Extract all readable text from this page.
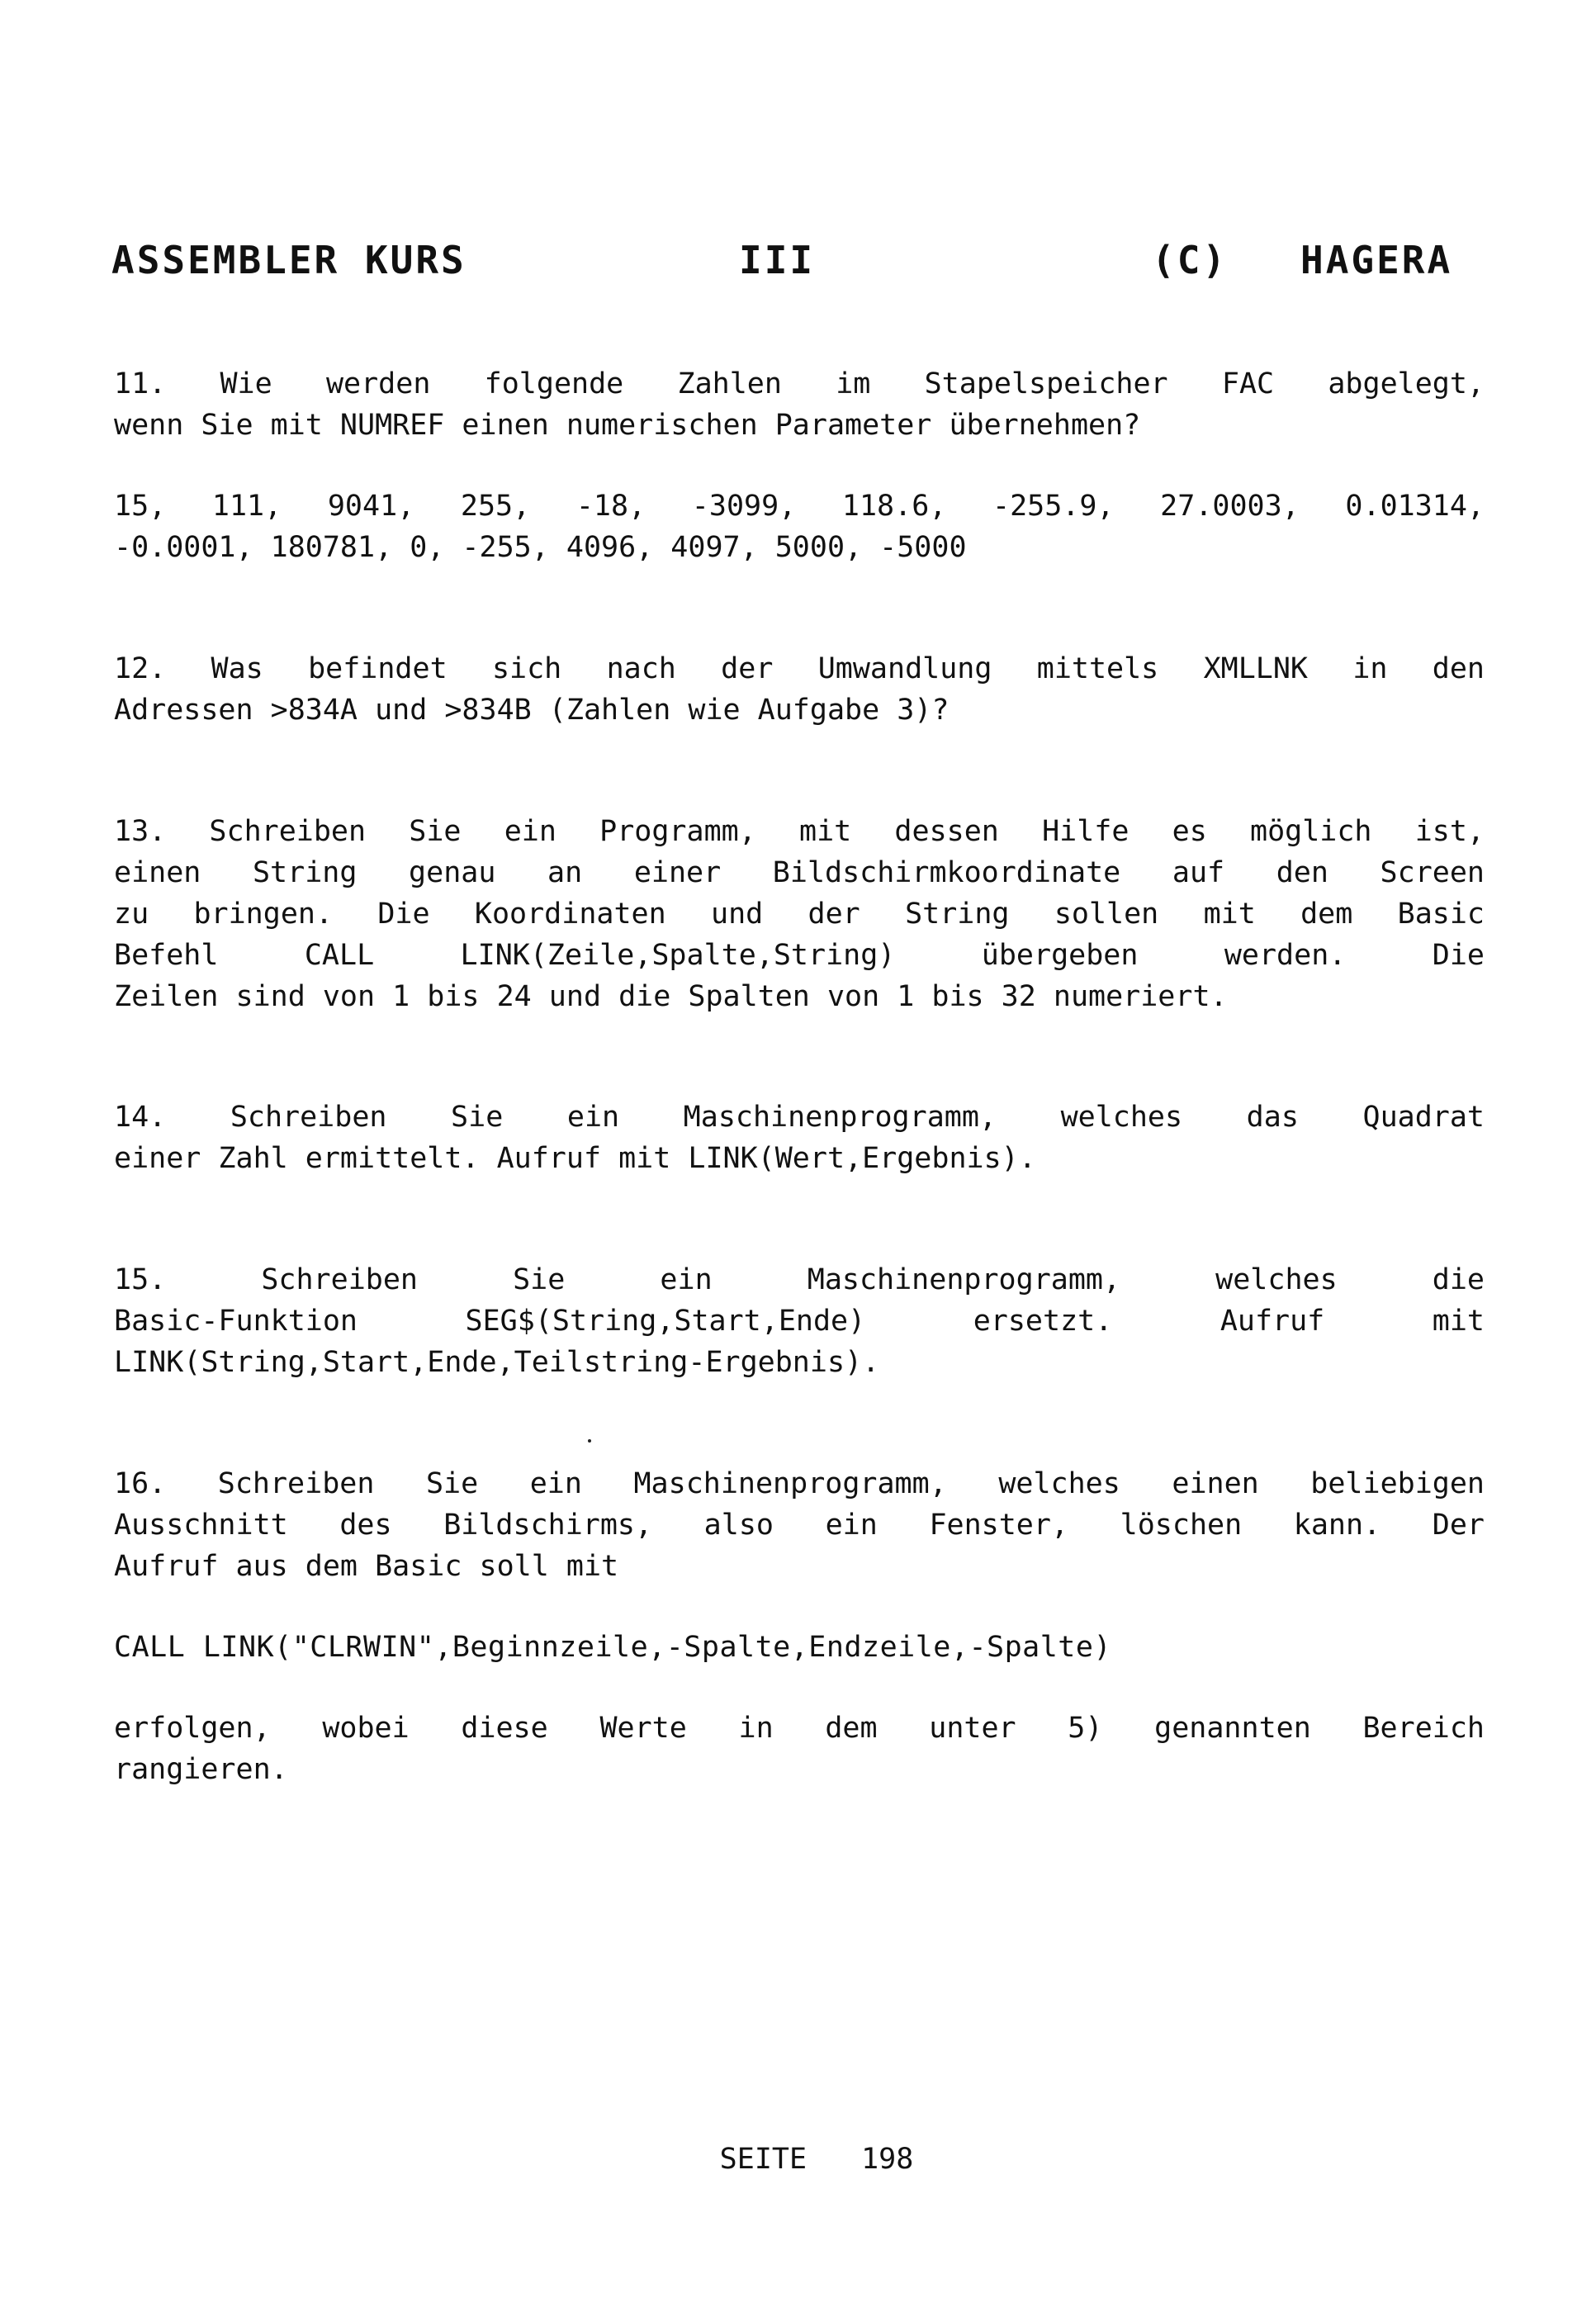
ASSEMBLER KURS	III	(C) HAGERA
11. Wie werden folgende Zahlen im Stapelspeicher FAC abgelegt,
wenn Sie mit NUMREF einen numerischen Parameter übernehmen?
15, 111, 9041, 255, -18, -3099, 118.6, -255.9, 27.0003, 0.01314,
-0.0001, 180781, 0, -255, 4096, 4097, 5000, -5000
12. Was befindet sich nach der Umwandlung mittels XMLLNK in den
Adressen >834A und >834B (Zahlen wie Aufgabe 3)?
13. Schreiben Sie ein Programm, mit dessen Hilfe es möglich ist,
einen String genau an einer Bildschirmkoordinate auf den Screen
zu bringen. Die Koordinaten und der String sollen mit dem Basic
Befehl CALL LINK(Zeile,Spalte,String) übergeben werden. Die
Zeilen sind von 1 bis 24 und die Spalten von 1 bis 32 numeriert.
14. Schreiben Sie ein Maschinenprogramm, welches das Quadrat
einer Zahl ermittelt. Aufruf mit LINK(Wert,Ergebnis).
15. Schreiben Sie ein Maschinenprogramm, welches die
Basic-Funktion SEG$(String,Start,Ende) ersetzt. Aufruf mit
LINK(String,Start,Ende,Teilstring-Ergebnis).
16. Schreiben Sie ein Maschinenprogramm, welches einen beliebigen
Ausschnitt des Bildschirms, also ein Fenster, löschen kann. Der
Aufruf aus dem Basic soll mit
CALL LINK("CLRWIN",Beginnzeile,-Spalte,Endzeile,-Spalte)
erfolgen, wobei diese Werte in dem unter 5) genannten Bereich
rangieren.
SEITE 198
